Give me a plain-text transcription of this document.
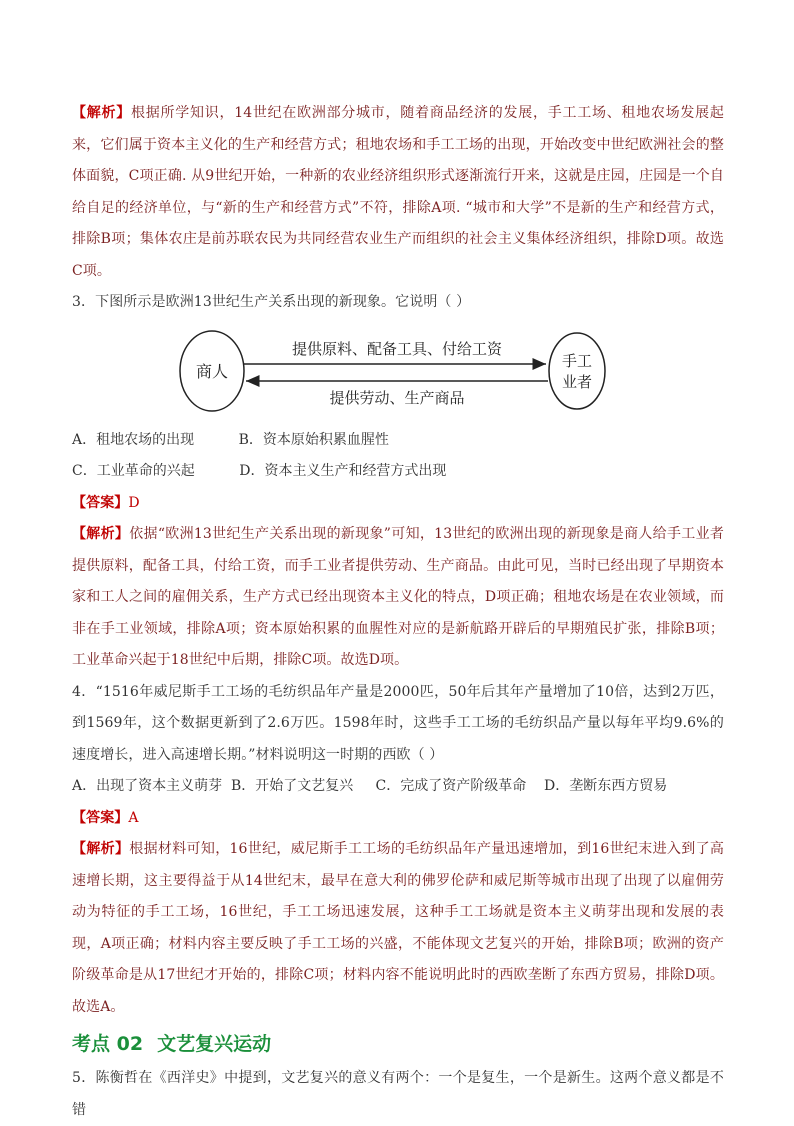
【解析】根据所学知识，14世纪在欧洲部分城市，随着商品经济的发展，手工工场、租地农场发展起来，它们属于资本主义化的生产和经营方式；租地农场和手工工场的出现，开始改变中世纪欧洲社会的整体面貌，C项正确. 从9世纪开始，一种新的农业经济组织形式逐渐流行开来，这就是庄园，庄园是一个自给自足的经济单位，与“新的生产和经营方式”不符，排除A项. “城市和大学”不是新的生产和经营方式，排除B项；集体农庄是前苏联农民为共同经营农业生产而组织的社会主义集体经济组织，排除D项。故选C项。

3．下图所示是欧洲13世纪生产关系出现的新现象。它说明（ ）

商人
手工
业者
提供原料、配备工具、付给工资
提供劳动、生产商品

A．租地农场的出现          B．资本原始积累血腥性

C．工业革命的兴起          D．资本主义生产和经营方式出现

【答案】D

【解析】依据“欧洲13世纪生产关系出现的新现象”可知，13世纪的欧洲出现的新现象是商人给手工业者提供原料，配备工具，付给工资，而手工业者提供劳动、生产商品。由此可见，当时已经出现了早期资本家和工人之间的雇佣关系，生产方式已经出现资本主义化的特点，D项正确；租地农场是在农业领域，而非在手工业领域，排除A项；资本原始积累的血腥性对应的是新航路开辟后的早期殖民扩张，排除B项；工业革命兴起于18世纪中后期，排除C项。故选D项。

4．“1516年威尼斯手工工场的毛纺织品年产量是2000匹，50年后其年产量增加了10倍，达到2万匹，到1569年，这个数据更新到了2.6万匹。1598年时，这些手工工场的毛纺织品产量以每年平均9.6%的速度增长，进入高速增长期。”材料说明这一时期的西欧（ ）

A．出现了资本主义萌芽  B．开始了文艺复兴     C．完成了资产阶级革命    D．垄断东西方贸易

【答案】A

【解析】根据材料可知，16世纪，威尼斯手工工场的毛纺织品年产量迅速增加，到16世纪末进入到了高速增长期，这主要得益于从14世纪末，最早在意大利的佛罗伦萨和威尼斯等城市出现了出现了以雇佣劳动为特征的手工工场，16世纪，手工工场迅速发展，这种手工工场就是资本主义萌芽出现和发展的表现，A项正确；材料内容主要反映了手工工场的兴盛，不能体现文艺复兴的开始，排除B项；欧洲的资产阶级革命是从17世纪才开始的，排除C项；材料内容不能说明此时的西欧垄断了东西方贸易，排除D项。故选A。

考点 02 文艺复兴运动

5．陈衡哲在《西洋史》中提到，文艺复兴的意义有两个：一个是复生，一个是新生。这两个意义都是不错
